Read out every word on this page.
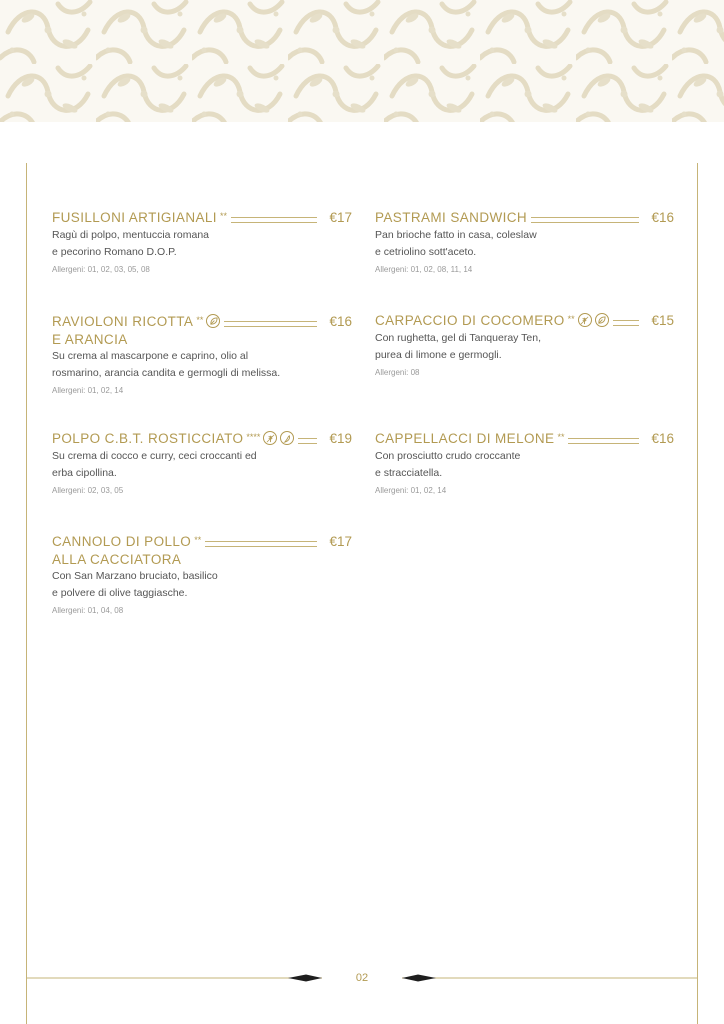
FUSILLONI ARTIGIANALI **	€17
Ragù di polpo, mentuccia romana
e pecorino Romano D.O.P.
Allergeni: 01, 02, 03, 05, 08
RAVIOLONI RICOTTA **	€16
E ARANCIA
Su crema al mascarpone e caprino, olio al
rosmarino, arancia candita e germogli di melissa.
Allergeni: 01, 02, 14
POLPO C.B.T. ROSTICCIATO ****	€19
Su crema di cocco e curry, ceci croccanti ed
erba cipollina.
Allergeni: 02, 03, 05
CANNOLO DI POLLO **	€17
ALLA CACCIATORA
Con San Marzano bruciato, basilico
e polvere di olive taggiasche.
Allergeni: 01, 04, 08
PASTRAMI SANDWICH	€16
Pan brioche fatto in casa, coleslaw
e cetriolino sott'aceto.
Allergeni: 01, 02, 08, 11, 14
CARPACCIO DI COCOMERO **	€15
Con rughetta, gel di Tanqueray Ten,
purea di limone e germogli.
Allergeni: 08
CAPPELLACCI DI MELONE **	€16
Con prosciutto crudo croccante
e stracciatella.
Allergeni: 01, 02, 14
02
